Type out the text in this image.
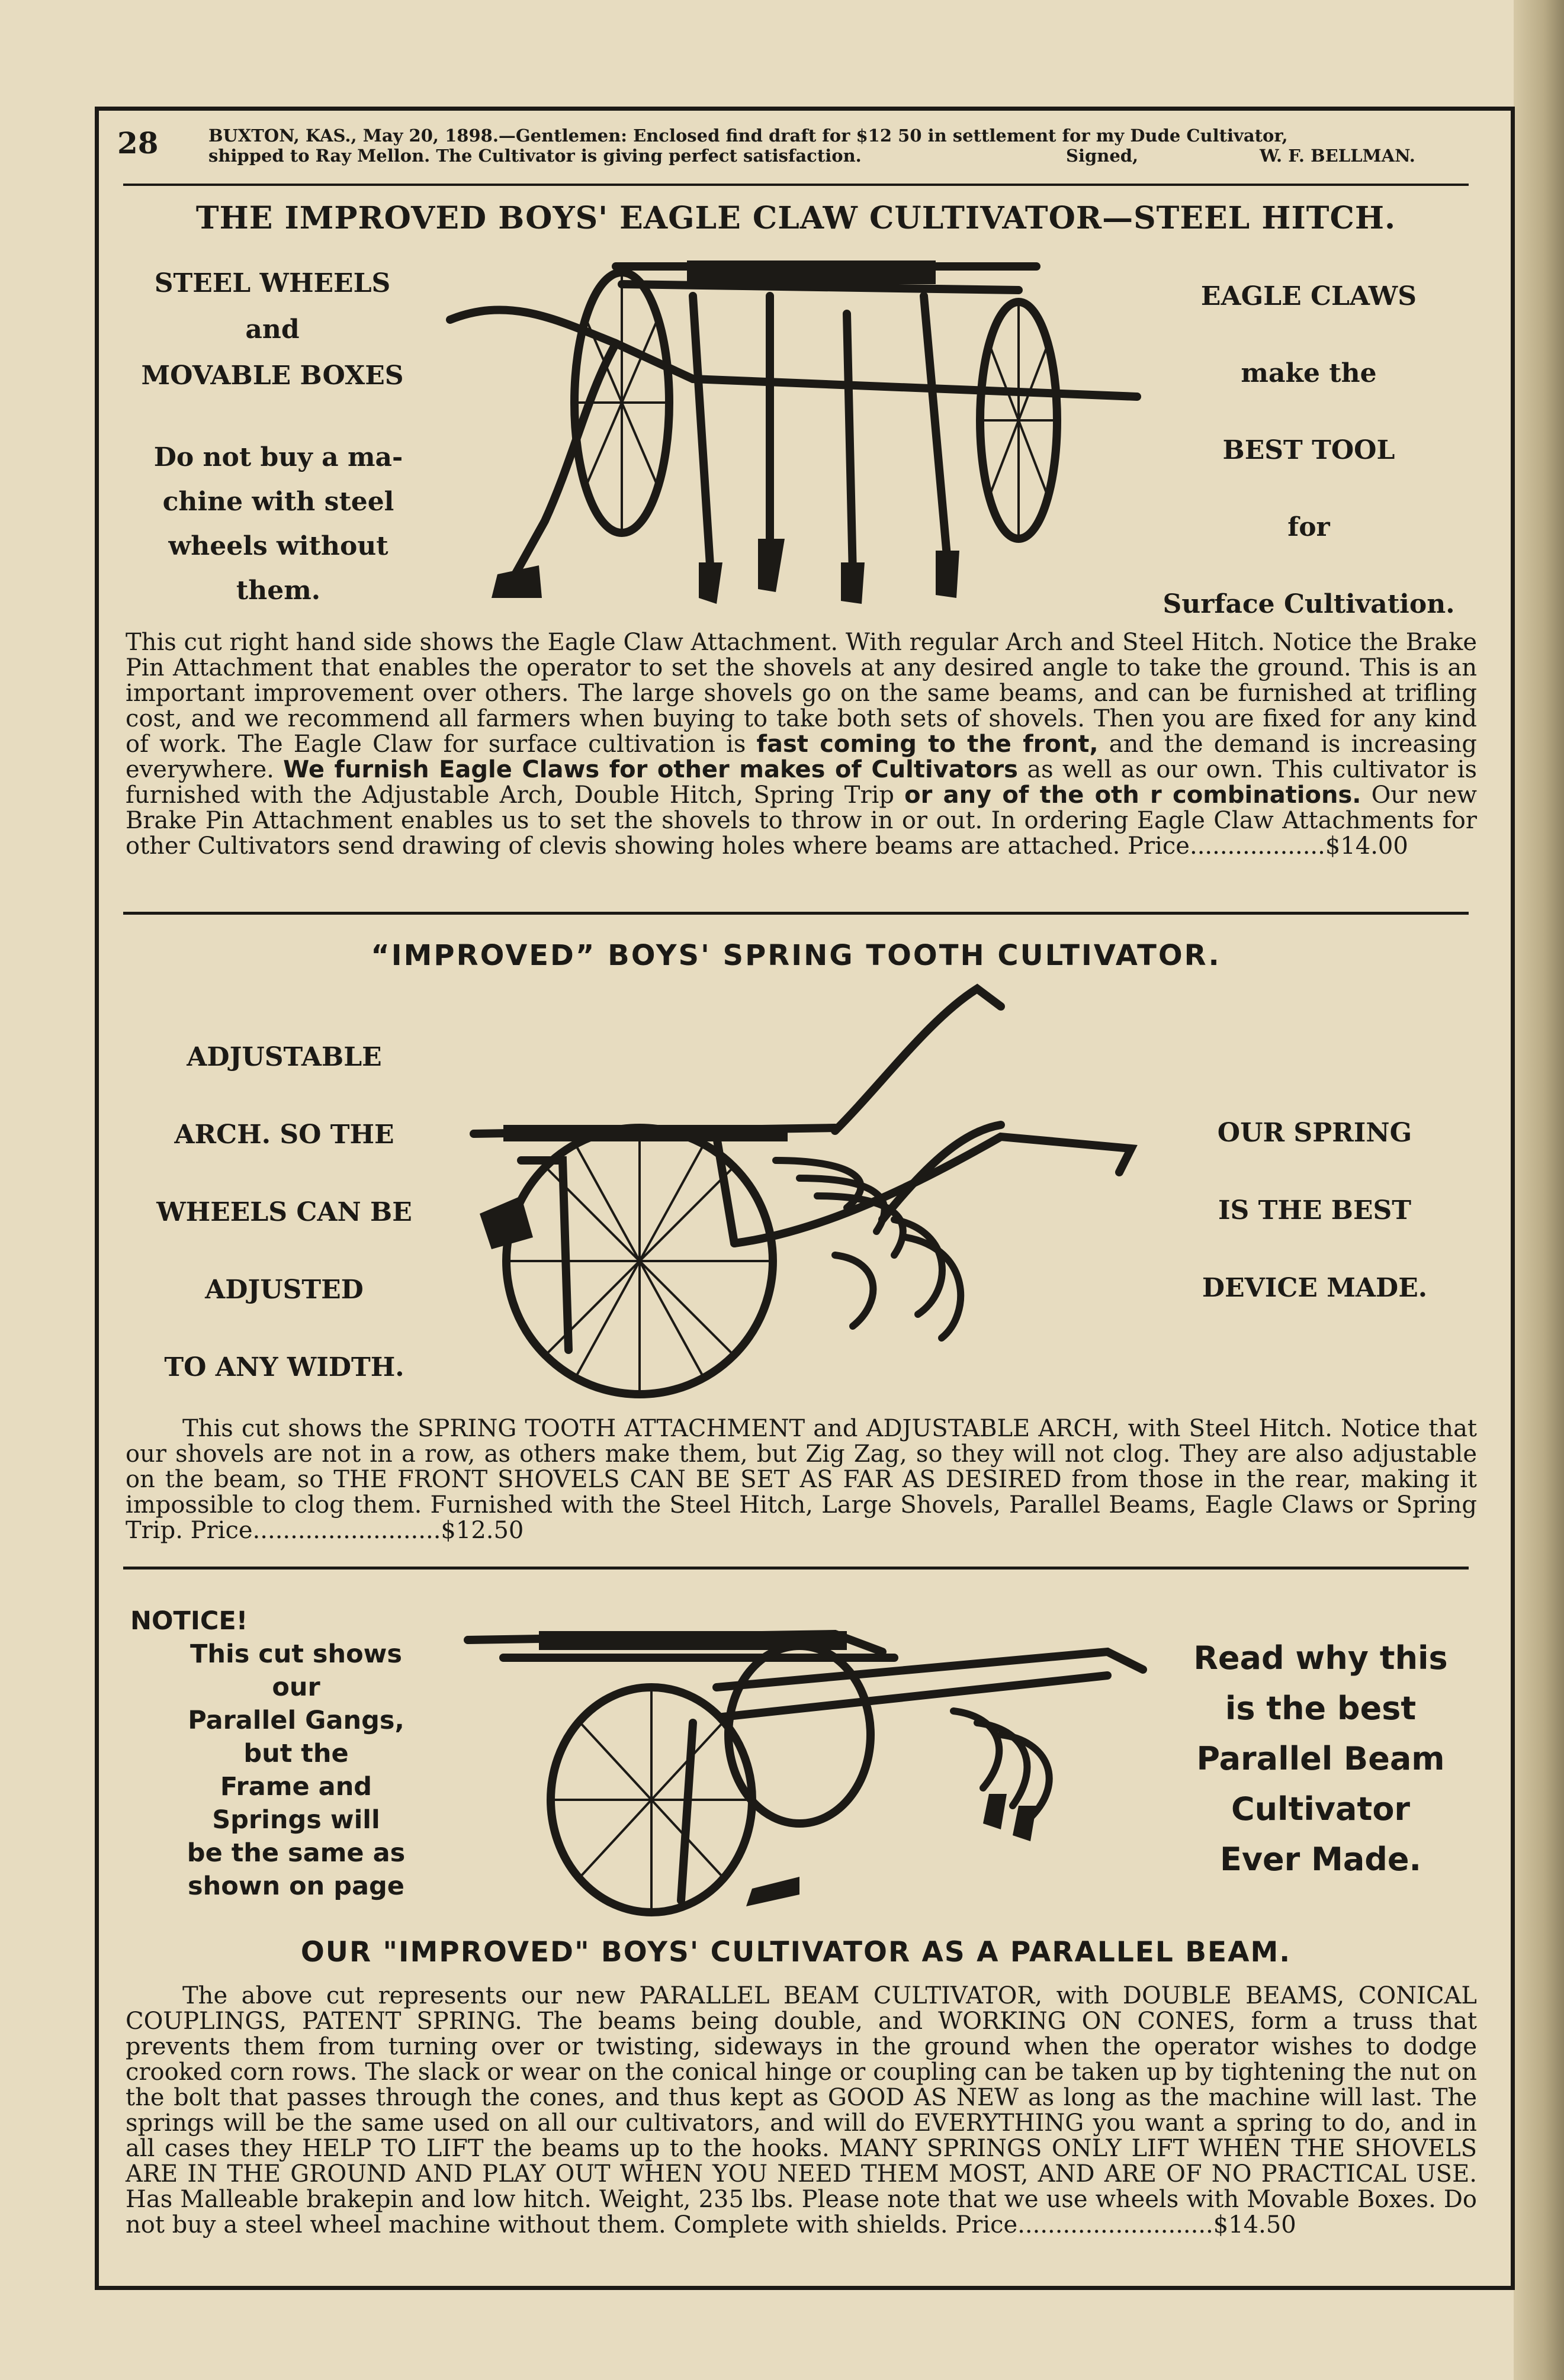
28	BUXTON, KAS., May 20, 1898.—Gentlemen: Enclosed find draft for $12 50 in settlement for my Dude Cultivator,
shipped to Ray Mellon. The Cultivator is giving perfect satisfaction.	Signed,	W. F. BELLMAN.
THE IMPROVED BOYS' EAGLE CLAW CULTIVATOR—STEEL HITCH.
STEEL WHEELS
and
MOVABLE BOXES
Do not buy a ma-
chine with steel
wheels without
them.
EAGLE CLAWS
make the
BEST TOOL
for
Surface Cultivation.
This cut right hand side shows the Eagle Claw Attachment. With regular Arch and Steel Hitch. Notice the Brake Pin Attachment that enables the operator to set the shovels at any desired angle to take the ground. This is an important improvement over others. The large shovels go on the same beams, and can be furnished at trifling cost, and we recommend all farmers when buying to take both sets of shovels. Then you are fixed for any kind of work. The Eagle Claw for surface cultivation is fast coming to the front, and the demand is increasing everywhere. We furnish Eagle Claws for other makes of Cultivators as well as our own. This cultivator is furnished with the Adjustable Arch, Double Hitch, Spring Trip or any of the oth r combinations. Our new Brake Pin Attachment enables us to set the shovels to throw in or out. In ordering Eagle Claw Attachments for other Cultivators send drawing of clevis showing holes where beams are attached. Price..................$14.00
“IMPROVED” BOYS' SPRING TOOTH CULTIVATOR.
ADJUSTABLE
ARCH. SO THE
WHEELS CAN BE
ADJUSTED
TO ANY WIDTH.
OUR SPRING
IS THE BEST
DEVICE MADE.
This cut shows the SPRING TOOTH ATTACHMENT and ADJUSTABLE ARCH, with Steel Hitch. Notice that our shovels are not in a row, as others make them, but Zig Zag, so they will not clog. They are also adjustable on the beam, so THE FRONT SHOVELS CAN BE SET AS FAR AS DESIRED from those in the rear, making it impossible to clog them. Furnished with the Steel Hitch, Large Shovels, Parallel Beams, Eagle Claws or Spring Trip. Price.........................$12.50
NOTICE!
This cut shows
our
Parallel Gangs,
but the
Frame and
Springs will
be the same as
shown on page
Read why this
is the best
Parallel Beam
Cultivator
Ever Made.
OUR "IMPROVED" BOYS' CULTIVATOR AS A PARALLEL BEAM.
The above cut represents our new PARALLEL BEAM CULTIVATOR, with DOUBLE BEAMS, CONICAL COUPLINGS, PATENT SPRING. The beams being double, and WORKING ON CONES, form a truss that prevents them from turning over or twisting, sideways in the ground when the operator wishes to dodge crooked corn rows. The slack or wear on the conical hinge or coupling can be taken up by tightening the nut on the bolt that passes through the cones, and thus kept as GOOD AS NEW as long as the machine will last. The springs will be the same used on all our cultivators, and will do EVERYTHING you want a spring to do, and in all cases they HELP TO LIFT the beams up to the hooks. MANY SPRINGS ONLY LIFT WHEN THE SHOVELS ARE IN THE GROUND AND PLAY OUT WHEN YOU NEED THEM MOST, AND ARE OF NO PRACTICAL USE. Has Malleable brakepin and low hitch. Weight, 235 lbs. Please note that we use wheels with Movable Boxes. Do not buy a steel wheel machine without them. Complete with shields. Price..........................$14.50
